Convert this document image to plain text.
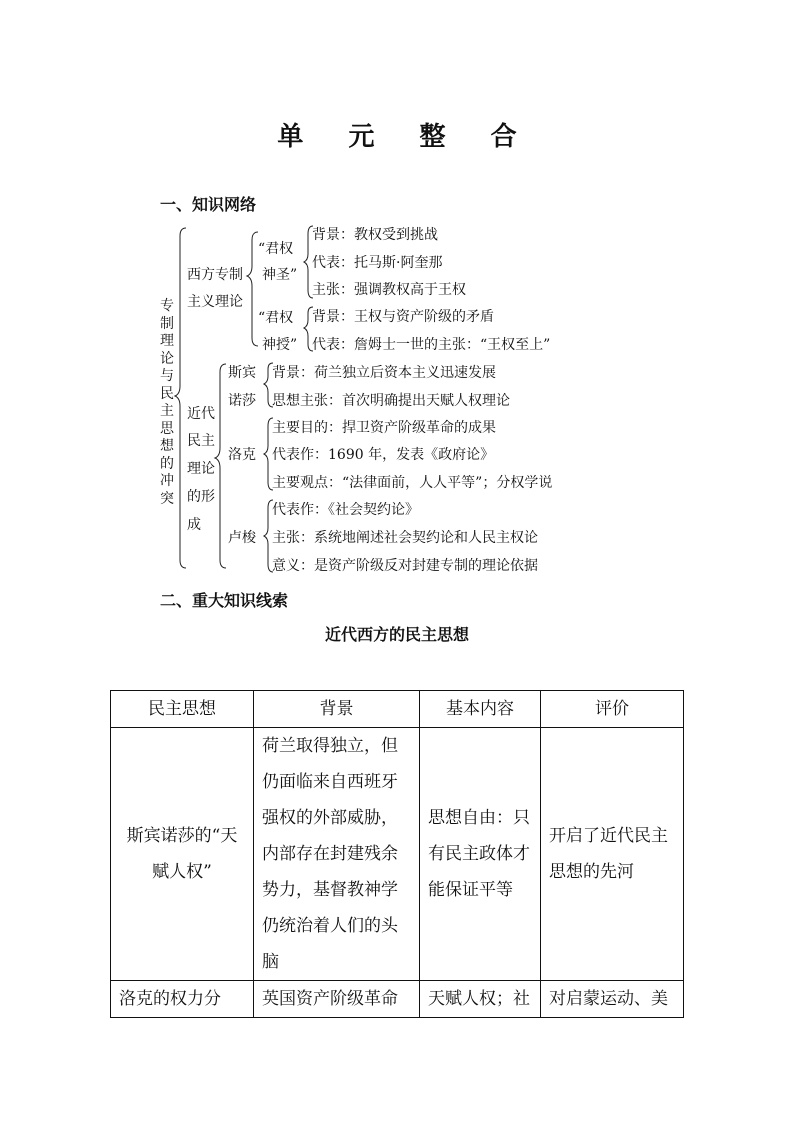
单 元 整 合
一、知识网络
专制理论与民主思想的冲突
西方专制
主义理论
“君权
神圣”
背景：教权受到挑战
代表：托马斯·阿奎那
主张：强调教权高于王权
“君权
神授”
背景：王权与资产阶级的矛盾
代表：詹姆士一世的主张：“王权至上”
近代
民主
理论
的形
成
斯宾
诺莎
背景：荷兰独立后资本主义迅速发展
思想主张：首次明确提出天赋人权理论
洛克
主要目的：捍卫资产阶级革命的成果
代表作：1690 年，发表《政府论》
主要观点：“法律面前，人人平等”；分权学说
卢梭
代表作：《社会契约论》
主张：系统地阐述社会契约论和人民主权论
意义：是资产阶级反对封建专制的理论依据
二、重大知识线索
近代西方的民主思想
民主思想	背景	基本内容	评价
斯宾诺莎的“天赋人权”	荷兰取得独立，但仍面临来自西班牙强权的外部威胁，内部存在封建残余势力，基督教神学仍统治着人们的头脑	思想自由：只有民主政体才能保证平等	开启了近代民主思想的先河
洛克的权力分	英国资产阶级革命	天赋人权；社	对启蒙运动、美
